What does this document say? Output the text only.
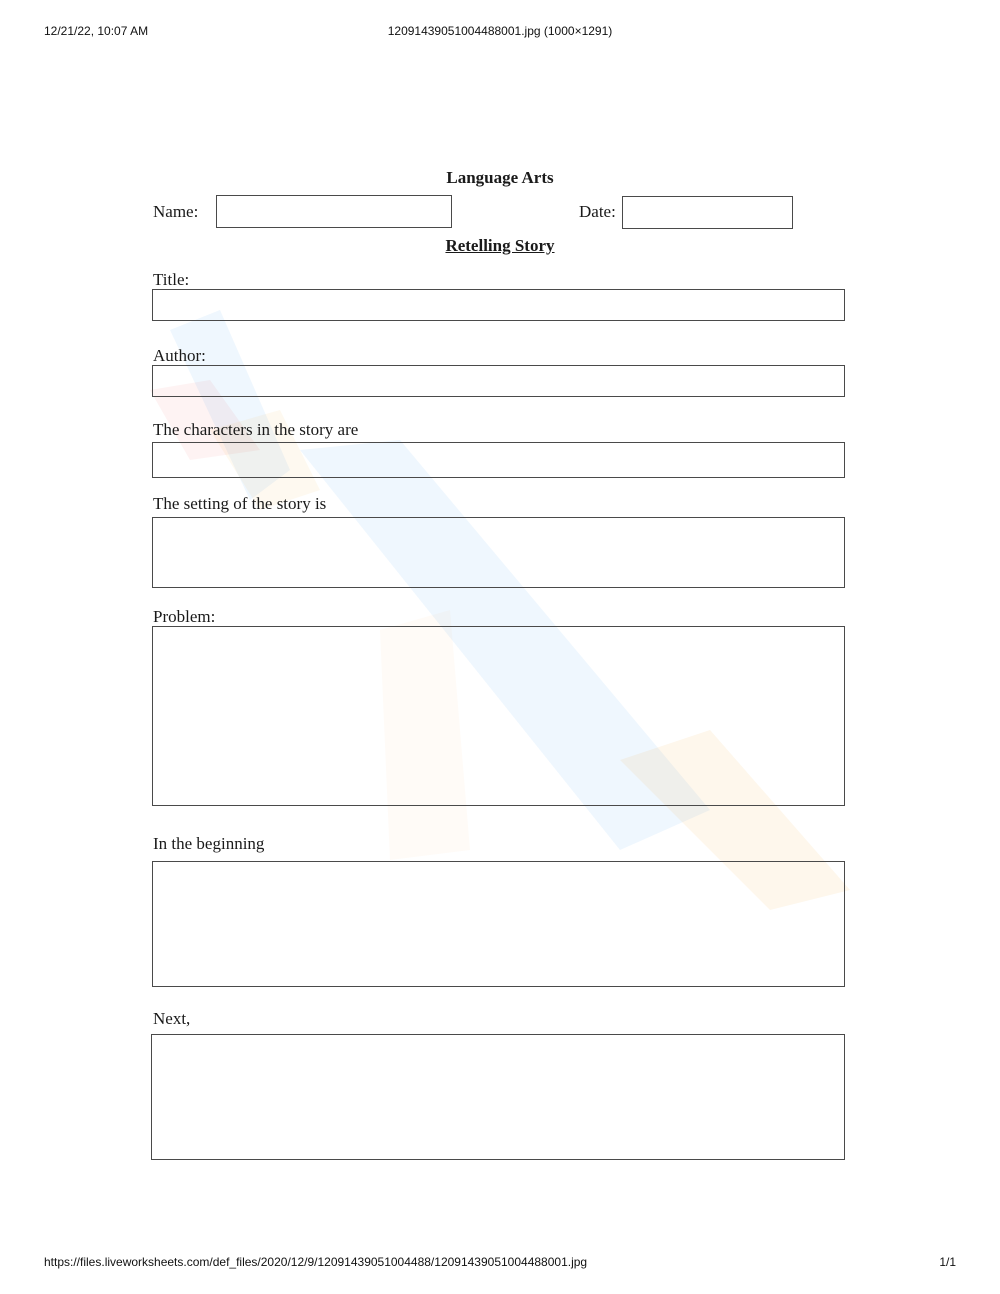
12/21/22, 10:07 AM	12091439051004488001.jpg (1000×1291)
Language Arts
Name:	Date:
Retelling Story
Title:
Author:
The characters in the story are
The setting of the story is
Problem:
In the beginning
Next,
https://files.liveworksheets.com/def_files/2020/12/9/12091439051004488/12091439051004488001.jpg	1/1
